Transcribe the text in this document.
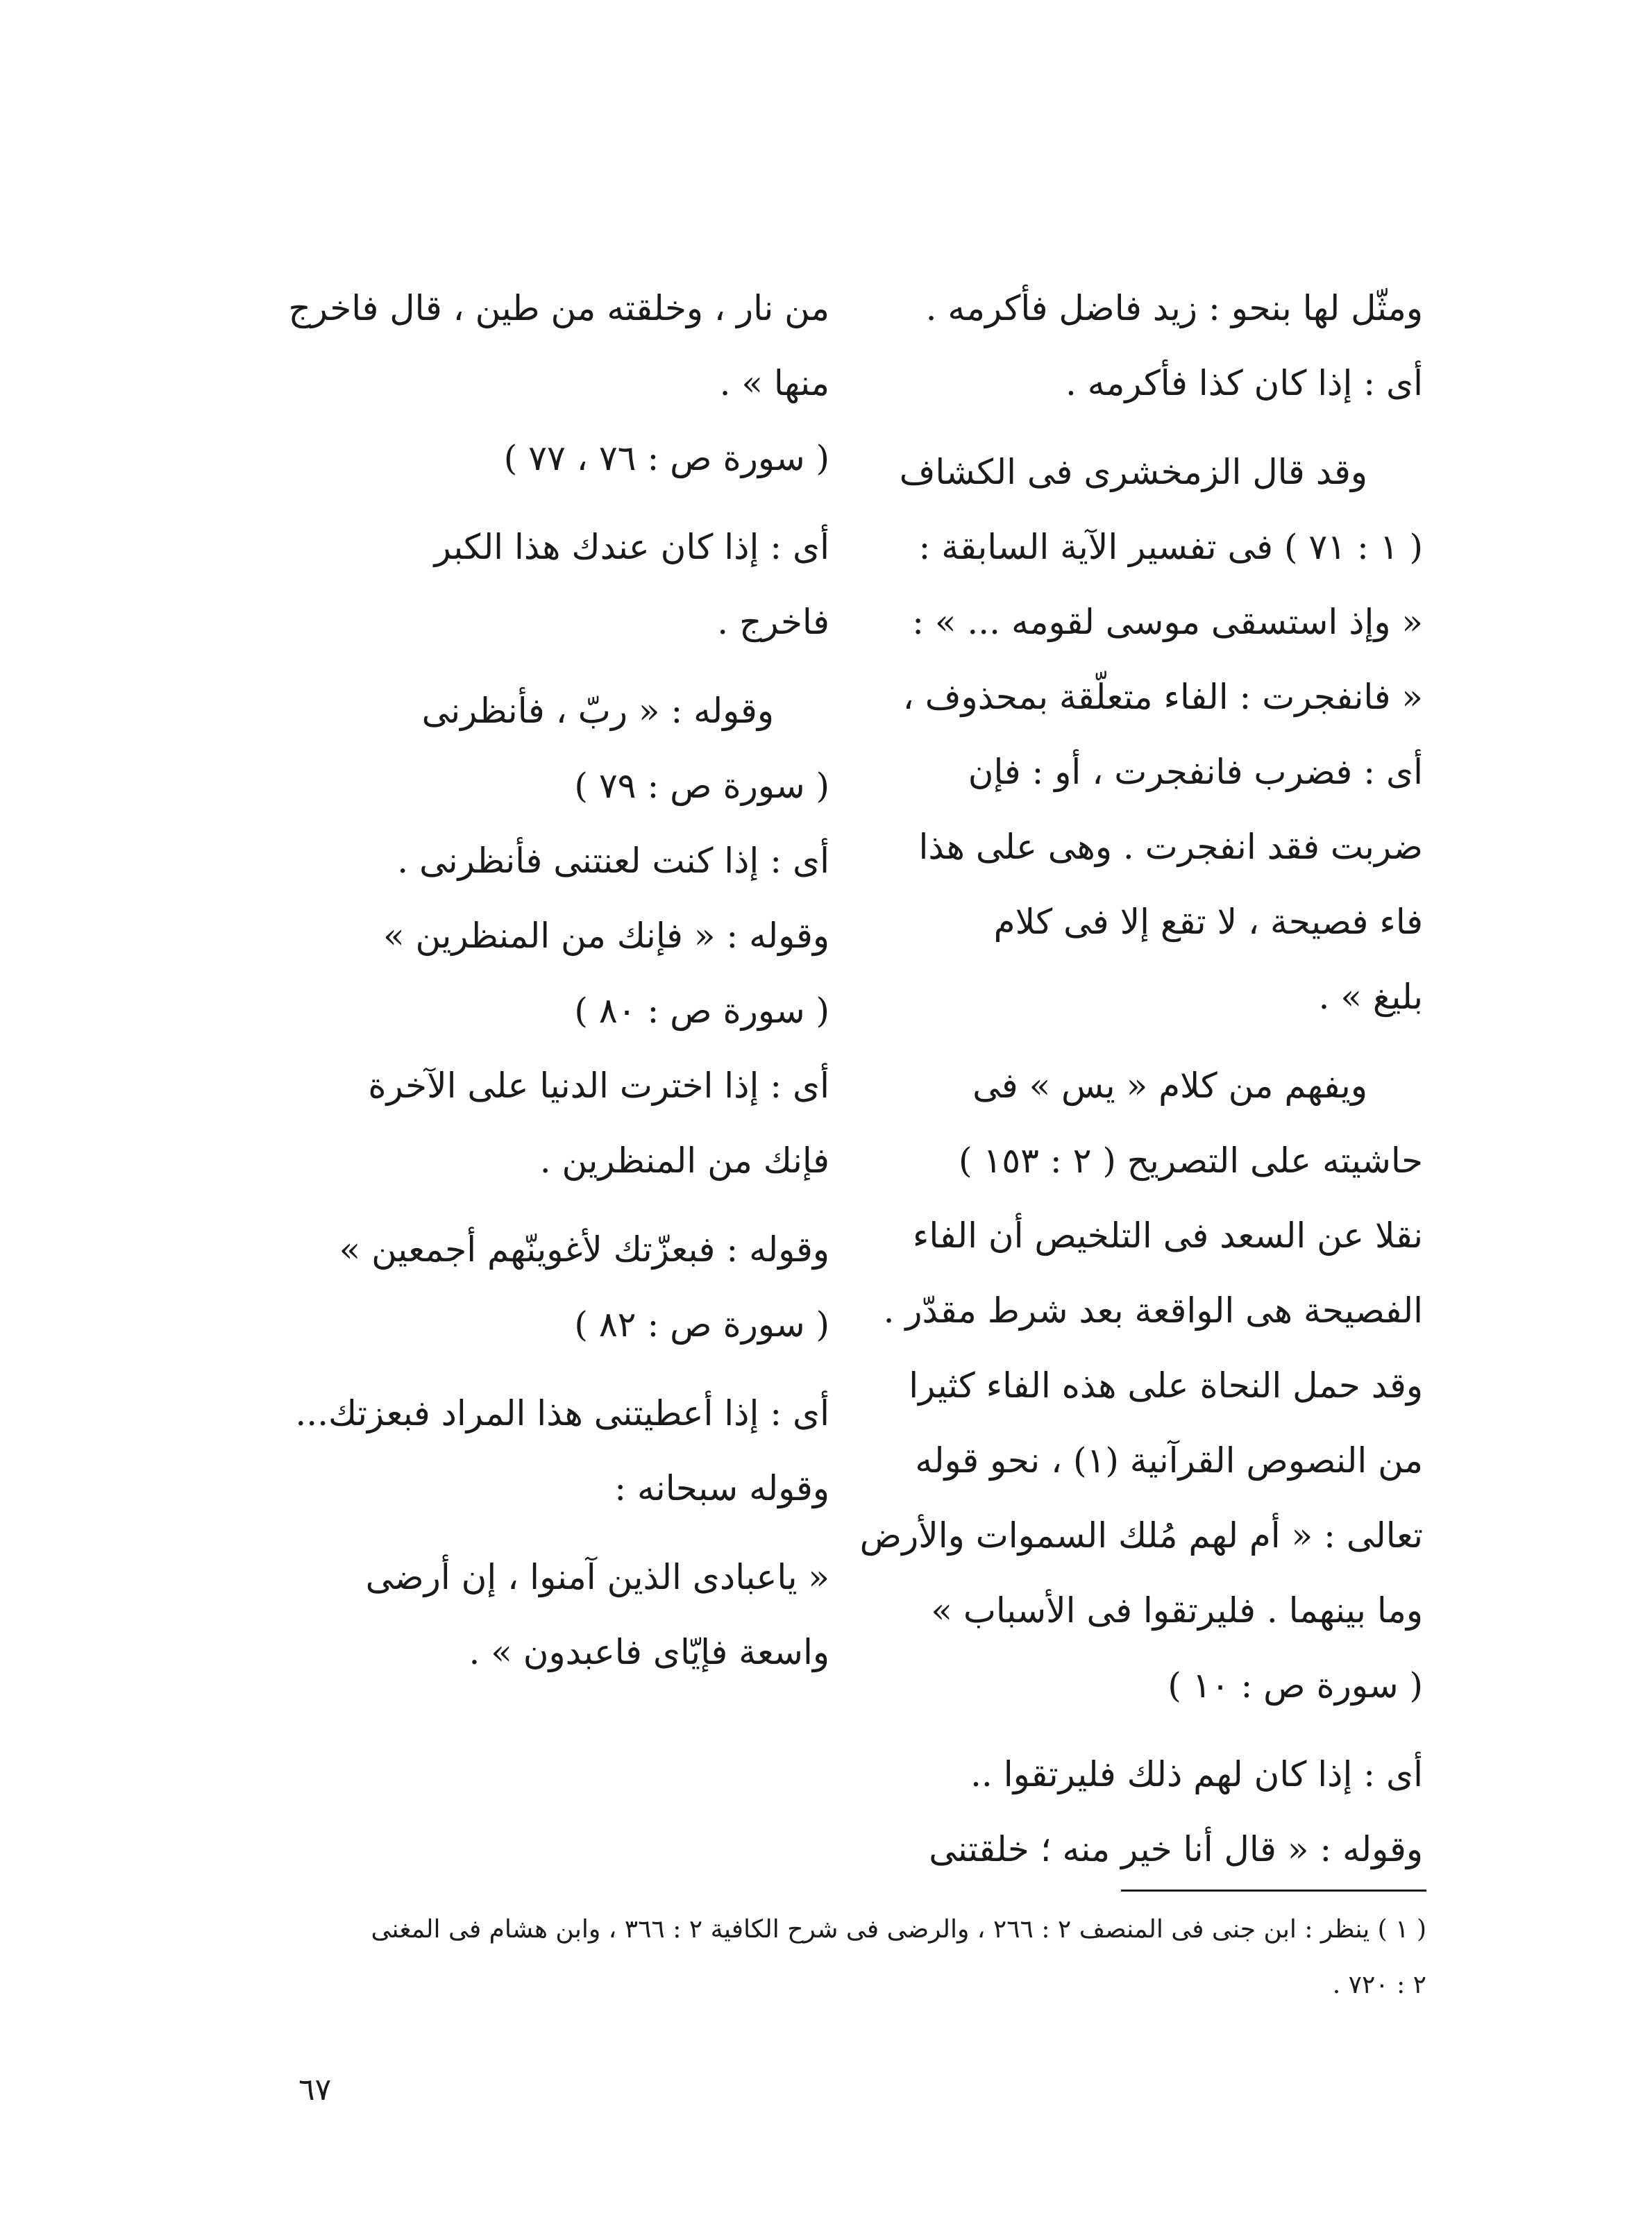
ومثّل لها بنحو : زيد فاضل فأكرمه .
أى : إذا كان كذا فأكرمه .
وقد قال الزمخشرى فى الكشاف
( ١ : ٧١ ) فى تفسير الآية السابقة :
« وإذ استسقى موسى لقومه ... » :
« فانفجرت : الفاء متعلّقة بمحذوف ،
أى : فضرب فانفجرت ، أو : فإن
ضربت فقد انفجرت . وهى على هذا
فاء فصيحة ، لا تقع إلا فى كلام
بليغ » .
ويفهم من كلام « يس » فى
حاشيته على التصريح ( ٢ : ١٥٣ )
نقلا عن السعد فى التلخيص أن الفاء
الفصيحة هى الواقعة بعد شرط مقدّر .
وقد حمل النحاة على هذه الفاء كثيرا
من النصوص القرآنية (١) ، نحو قوله
تعالى : « أم لهم مُلك السموات والأرض
وما بينهما . فليرتقوا فى الأسباب »
( سورة ص : ١٠ )
أى : إذا كان لهم ذلك فليرتقوا ..
وقوله : « قال أنا خير منه ؛ خلقتنى
من نار ، وخلقته من طين ، قال فاخرج
منها » .
( سورة ص : ٧٦ ، ٧٧ )
أى : إذا كان عندك هذا الكبر
فاخرج .
وقوله : « ربّ ، فأنظرنى
( سورة ص : ٧٩ )
أى : إذا كنت لعنتنى فأنظرنى .
وقوله : « فإنك من المنظرين »
( سورة ص : ٨٠ )
أى : إذا اخترت الدنيا على الآخرة
فإنك من المنظرين .
وقوله : فبعزّتك لأغوينّهم أجمعين »
( سورة ص : ٨٢ )
أى : إذا أعطيتنى هذا المراد فبعزتك...
وقوله سبحانه :
« ياعبادى الذين آمنوا ، إن أرضى
واسعة فإيّاى فاعبدون » .
( ١ ) ينظر : ابن جنى فى المنصف ٢ : ٢٦٦ ، والرضى فى شرح الكافية ٢ : ٣٦٦ ، وابن هشام فى المغنى
٢ : ٧٢٠ .
٦٧
